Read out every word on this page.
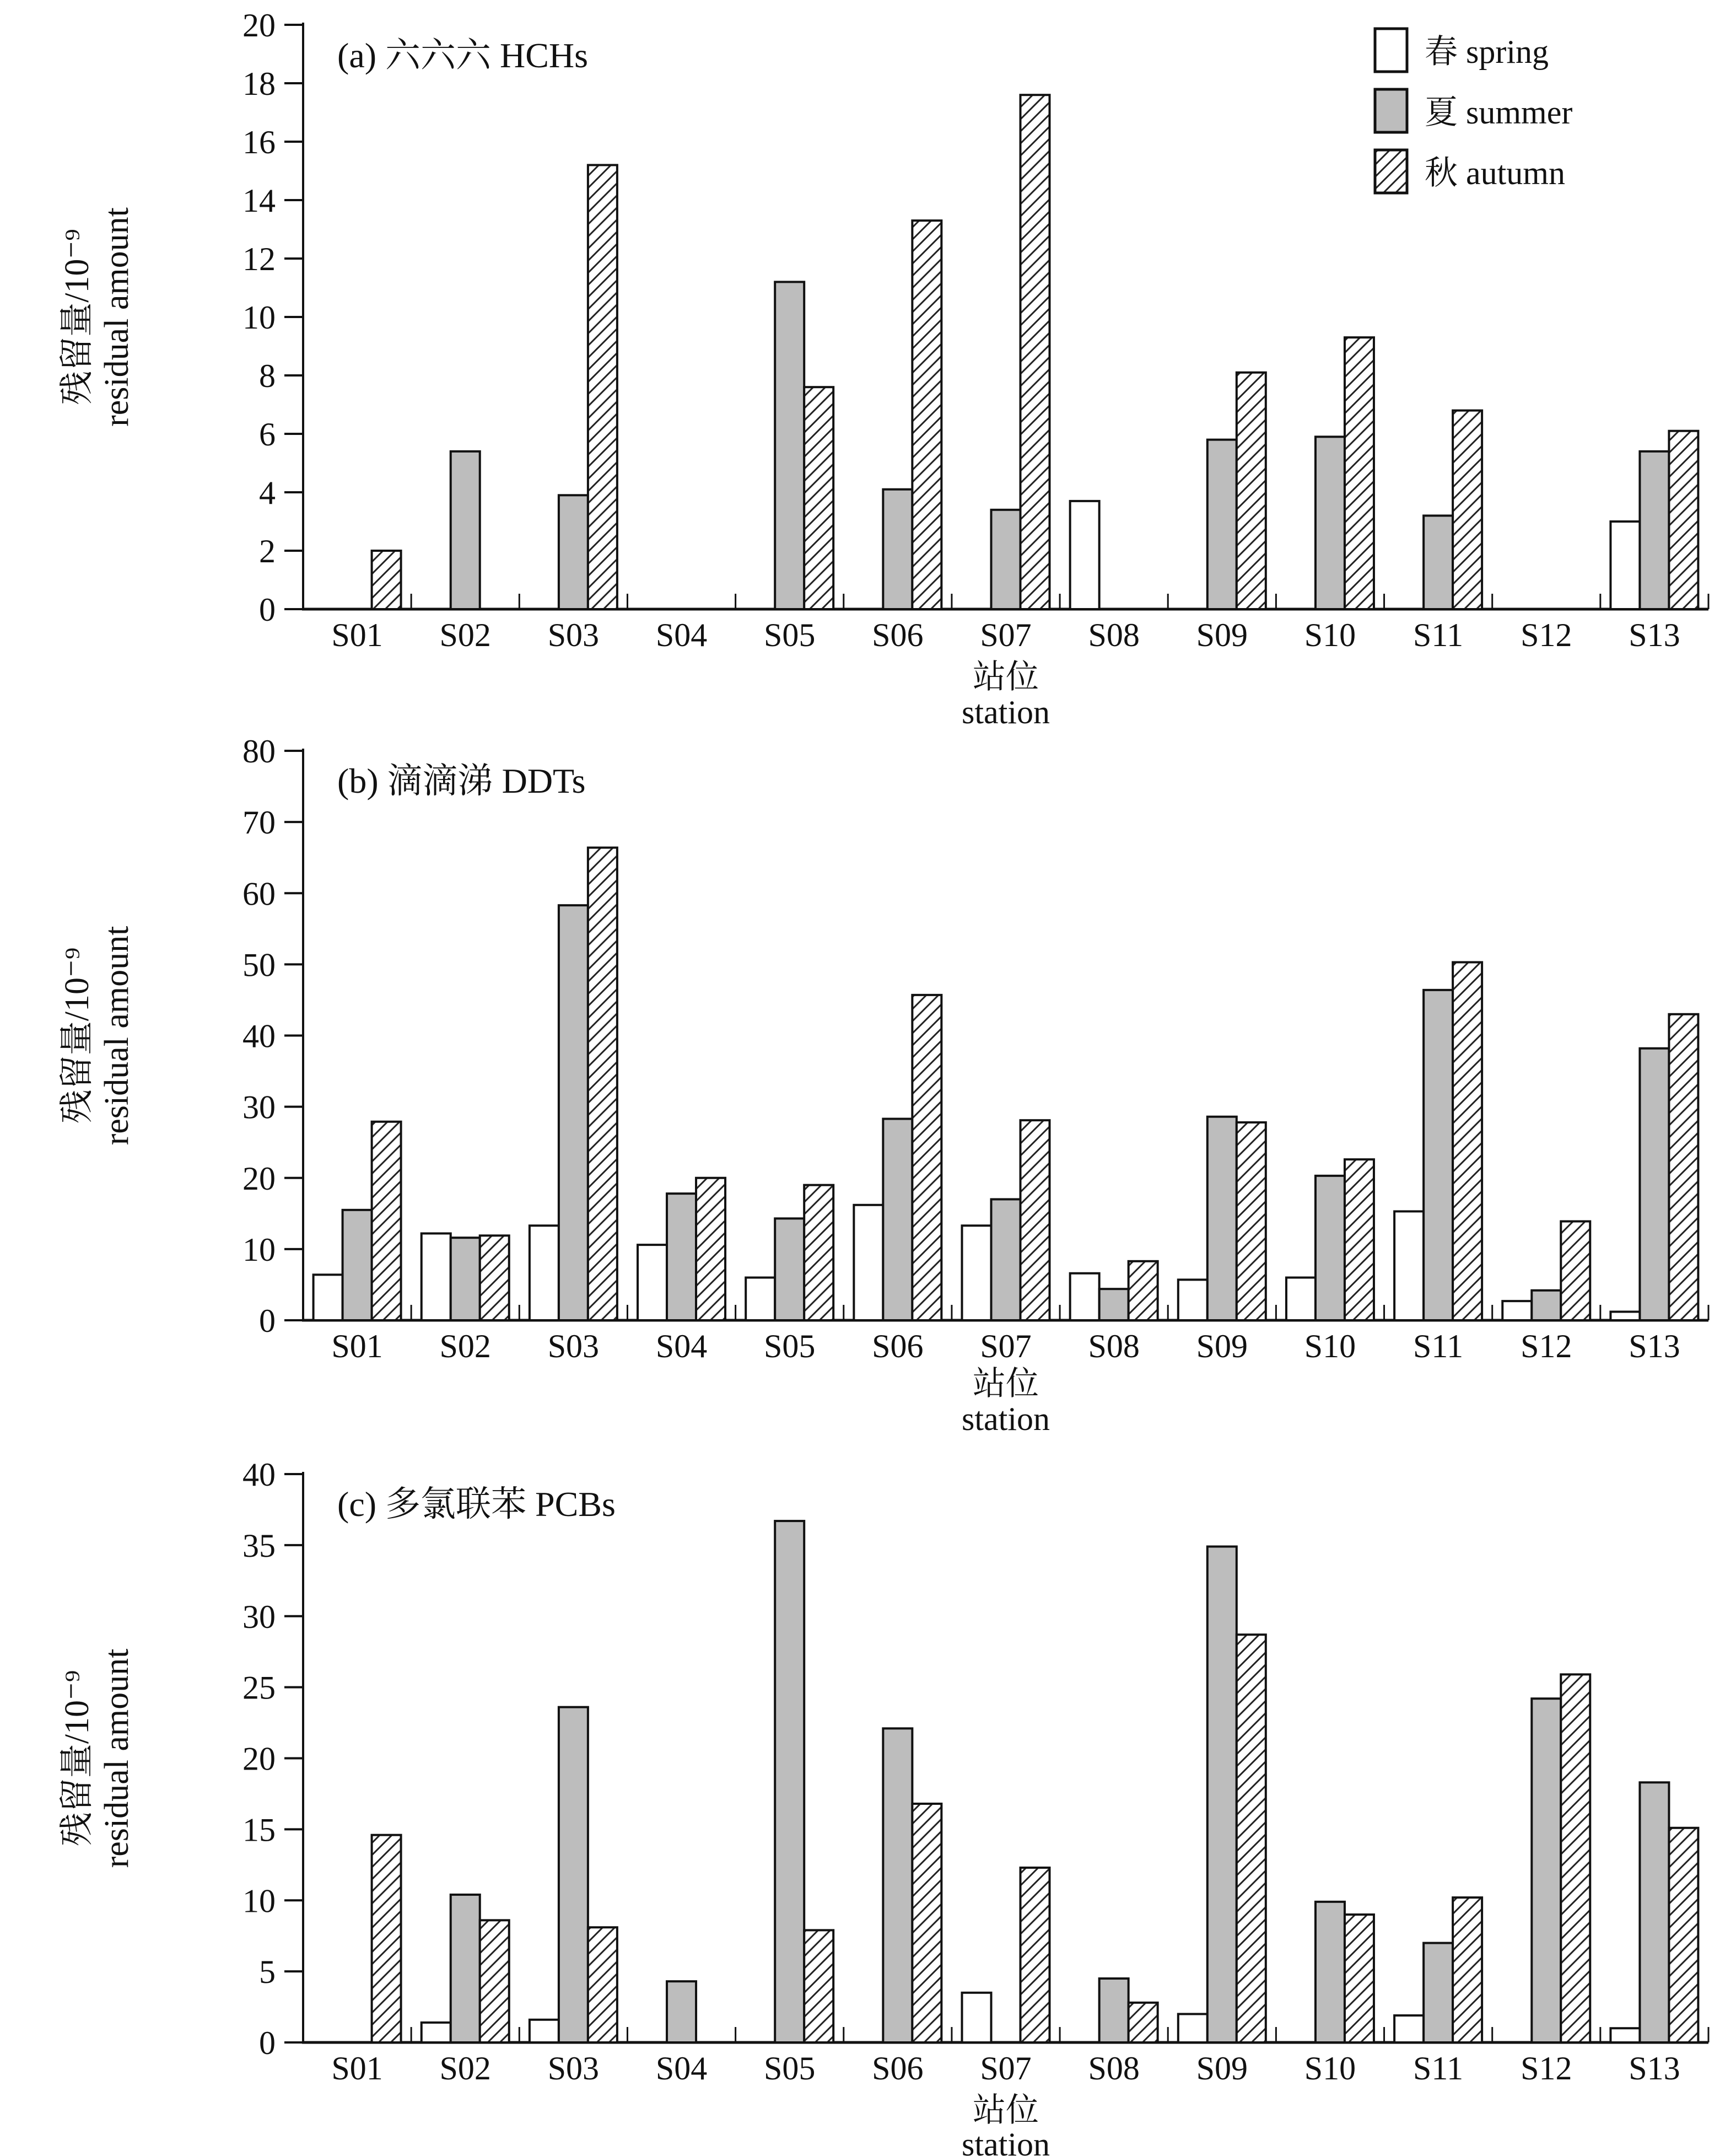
0
2
4
6
8
10
12
14
16
18
20
S01 S02 S03 S04 S05 S06 S07 S08 S09 S10 S11 S12 S13
站位
station
残留量/10⁻⁹ residual amount
(a) 六六六 HCHs	春 spring
夏 summer
秋 autumn
0
10
20
30
40
50
60
70
80
S01 S02 S03 S04 S05 S06 S07 S08 S09 S10 S11 S12 S13
站位
station
残留量/10⁻⁹ residual amount
(b) 滴滴涕 DDTs
0
5
10
15
20
25
30
35
40
S01 S02 S03 S04 S05 S06 S07 S08 S09 S10 S11 S12 S13
站位
station
残留量/10⁻⁹ residual amount
(c) 多氯联苯 PCBs
